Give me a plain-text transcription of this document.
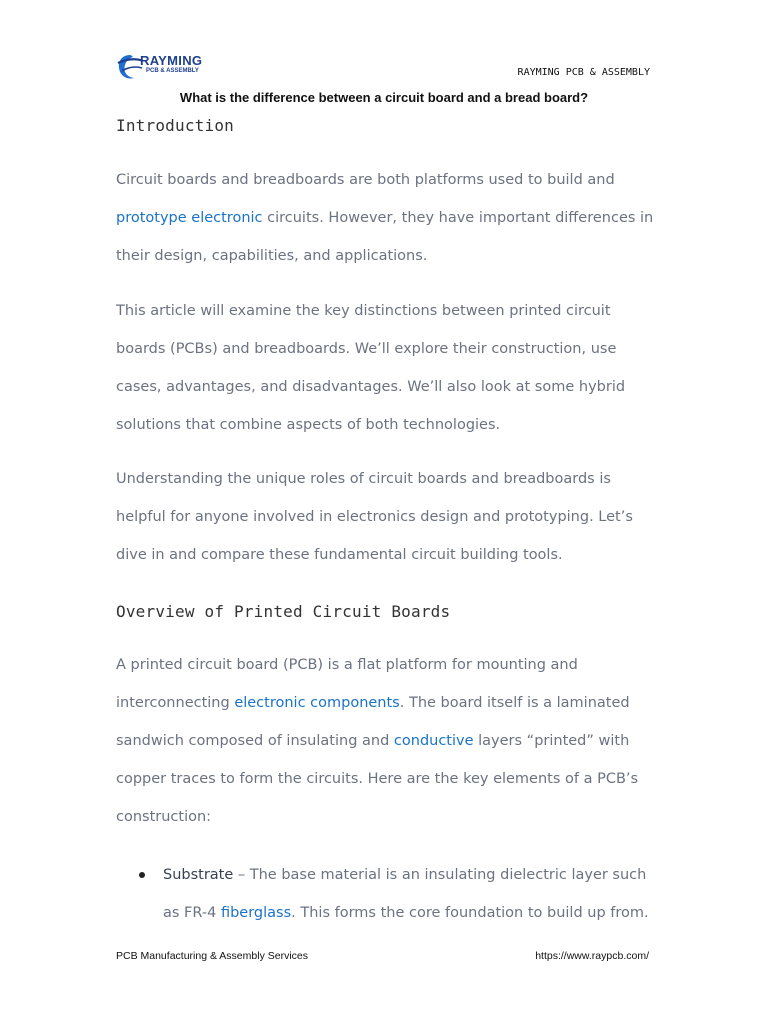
RAYMING
PCB & ASSEMBLY	RAYMING PCB & ASSEMBLY
What is the difference between a circuit board and a bread board?
Introduction

Circuit boards and breadboards are both platforms used to build and prototype electronic circuits. However, they have important differences in their design, capabilities, and applications.

This article will examine the key distinctions between printed circuit boards (PCBs) and breadboards. We’ll explore their construction, use cases, advantages, and disadvantages. We’ll also look at some hybrid solutions that combine aspects of both technologies.

Understanding the unique roles of circuit boards and breadboards is helpful for anyone involved in electronics design and prototyping. Let’s dive in and compare these fundamental circuit building tools.

Overview of Printed Circuit Boards

A printed circuit board (PCB) is a flat platform for mounting and interconnecting electronic components. The board itself is a laminated sandwich composed of insulating and conductive layers “printed” with copper traces to form the circuits. Here are the key elements of a PCB’s construction:

Substrate – The base material is an insulating dielectric layer such as FR-4 fiberglass. This forms the core foundation to build up from.
PCB Manufacturing & Assembly Services	https://www.raypcb.com/
